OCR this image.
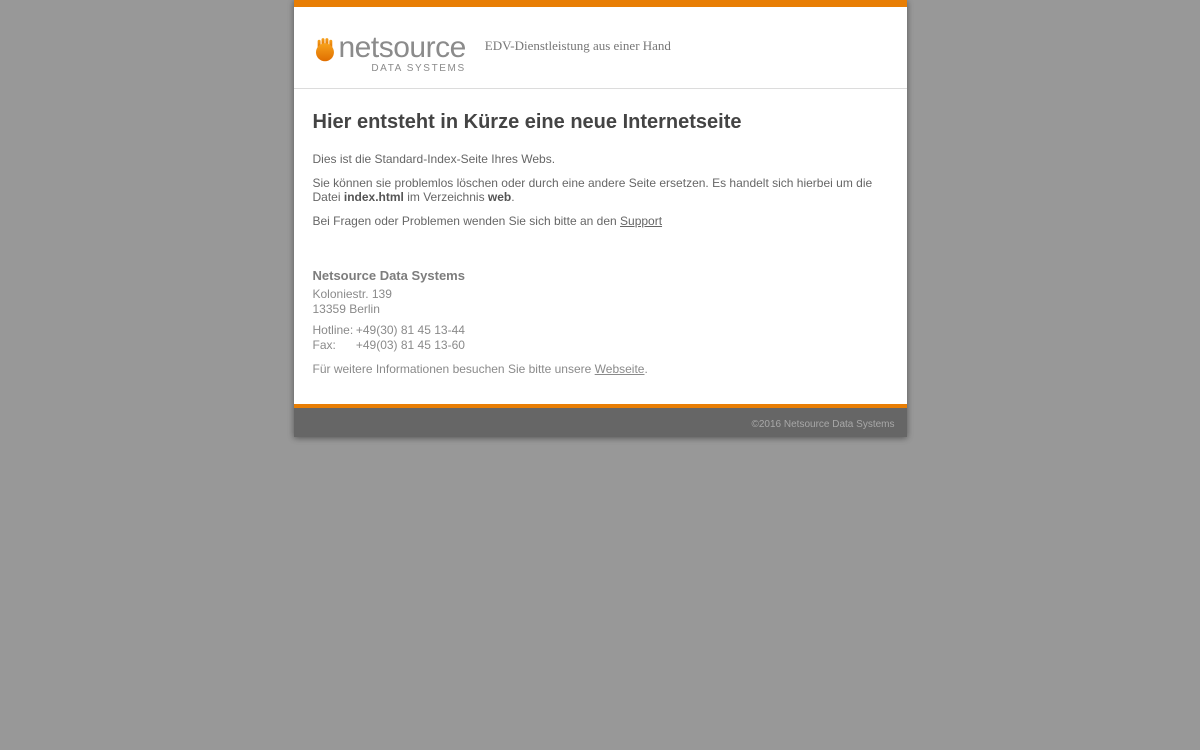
netsource
DATA SYSTEMS
EDV-Dienstleistung aus einer Hand
Hier entsteht in Kürze eine neue Internetseite

Dies ist die Standard-Index-Seite Ihres Webs.

Sie können sie problemlos löschen oder durch eine andere Seite ersetzen. Es handelt sich hierbei um die Datei index.html im Verzeichnis web.

Bei Fragen oder Problemen wenden Sie sich bitte an den Support

Netsource Data Systems
Koloniestr. 139
13359 Berlin
Hotline: +49(30) 81 45 13-44
Fax: +49(03) 81 45 13-60
Für weitere Informationen besuchen Sie bitte unsere Webseite.
©2016 Netsource Data Systems
